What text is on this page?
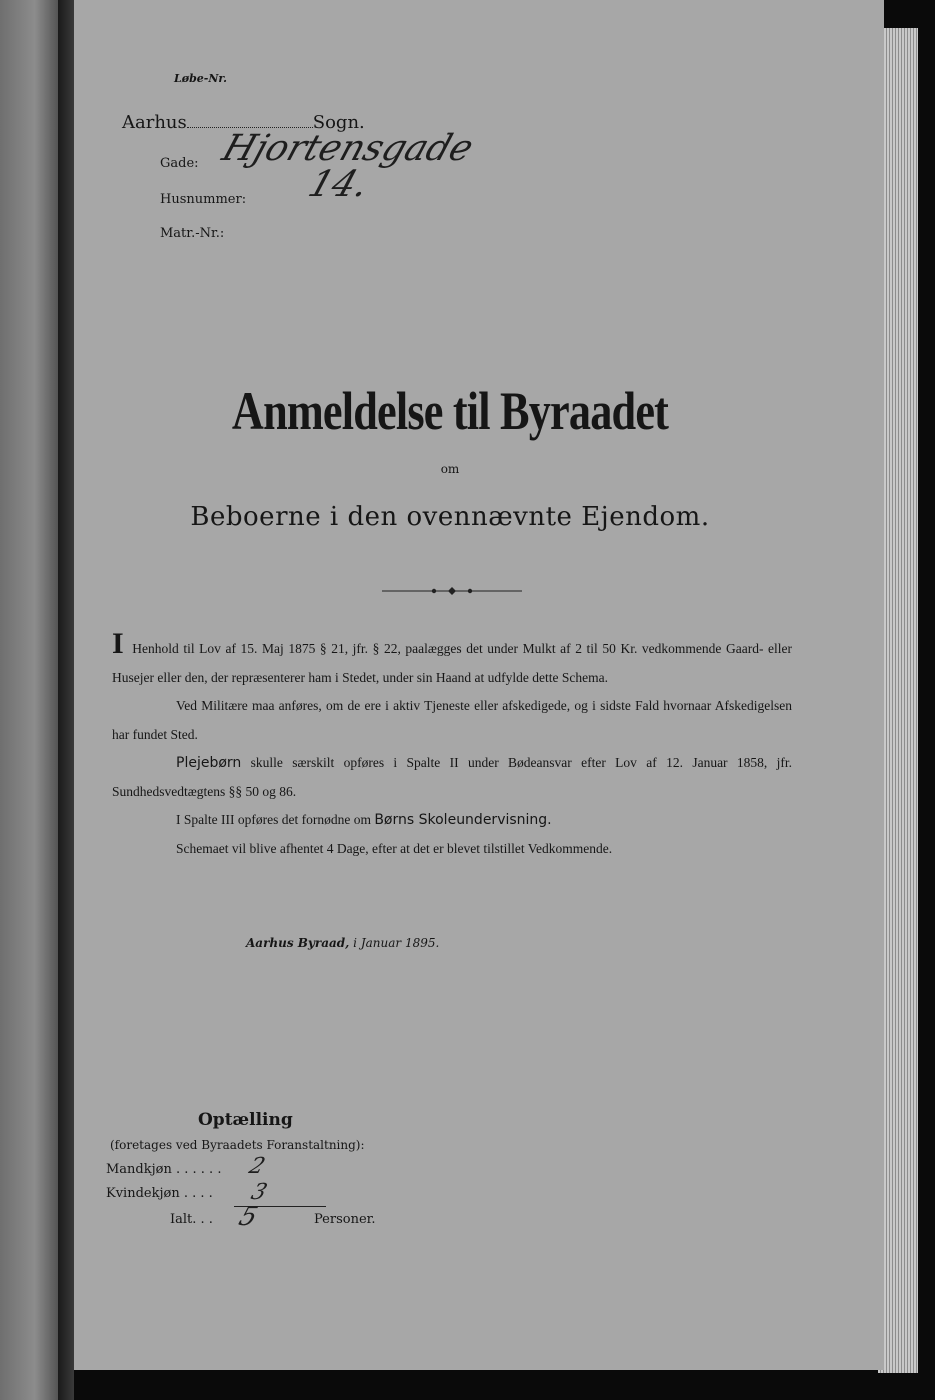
Løbe-Nr.
Aarhus	Sogn.
Gade: Hjortensgade
Husnummer: 14.
Matr.-Nr.:
Anmeldelse til Byraadet
om
Beboerne i den ovennævnte Ejendom.

I Henhold til Lov af 15. Maj 1875 § 21, jfr. § 22, paalægges det under Mulkt af 2 til 50 Kr. vedkommende Gaard- eller Husejer eller den, der repræsenterer ham i Stedet, under sin Haand at udfylde dette Schema.

Ved Militære maa anføres, om de ere i aktiv Tjeneste eller afskedigede, og i sidste Fald hvornaar Afskedigelsen har fundet Sted.

Plejebørn skulle særskilt opføres i Spalte II under Bødeansvar efter Lov af 12. Januar 1858, jfr. Sundhedsvedtægtens §§ 50 og 86.

I Spalte III opføres det fornødne om Børns Skoleundervisning.

Schemaet vil blive afhentet 4 Dage, efter at det er blevet tilstillet Vedkommende.

Aarhus Byraad, i Januar 1895.
Optælling
(foretages ved Byraadets Foranstaltning):
Mandkjøn . . . . . . 2
Kvindekjøn . . . . 3
Ialt. . . 5	Personer.
